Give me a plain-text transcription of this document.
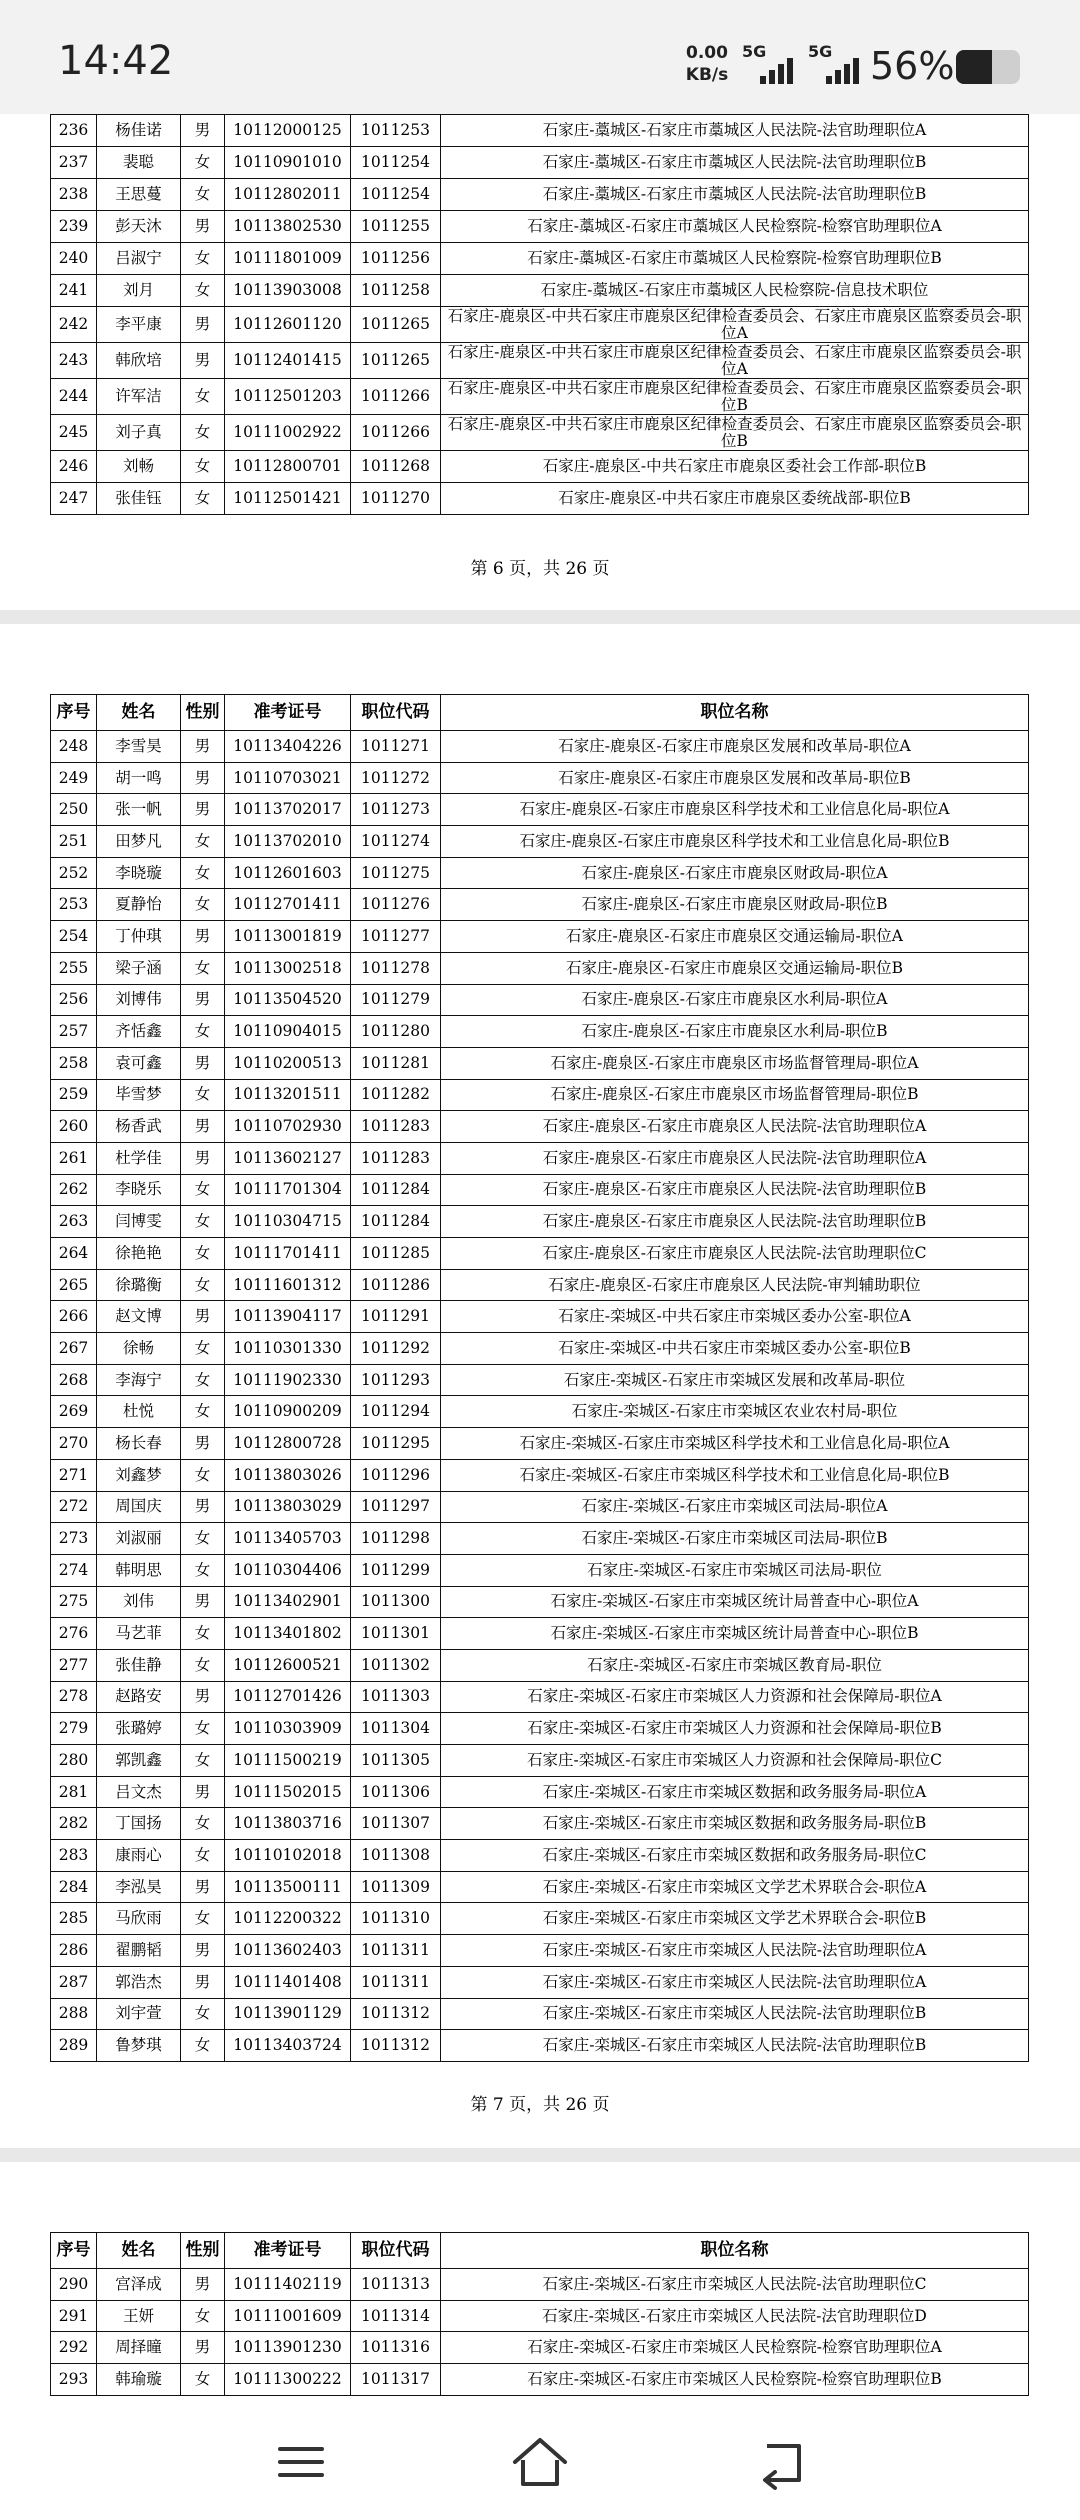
14:42	0.00
KB/s
5G	5G 56%
236	杨佳诺	男	10112000125	1011253	石家庄-藁城区-石家庄市藁城区人民法院-法官助理职位A
237	裴聪	女	10110901010	1011254	石家庄-藁城区-石家庄市藁城区人民法院-法官助理职位B
238	王思蔓	女	10112802011	1011254	石家庄-藁城区-石家庄市藁城区人民法院-法官助理职位B
239	彭天沐	男	10113802530	1011255	石家庄-藁城区-石家庄市藁城区人民检察院-检察官助理职位A
240	吕淑宁	女	10111801009	1011256	石家庄-藁城区-石家庄市藁城区人民检察院-检察官助理职位B
241	刘月	女	10113903008	1011258	石家庄-藁城区-石家庄市藁城区人民检察院-信息技术职位
242	李平康	男	10112601120	1011265	石家庄-鹿泉区-中共石家庄市鹿泉区纪律检查委员会、石家庄市鹿泉区监察委员会-职位A
243	韩欣培	男	10112401415	1011265	石家庄-鹿泉区-中共石家庄市鹿泉区纪律检查委员会、石家庄市鹿泉区监察委员会-职位A
244	许军洁	女	10112501203	1011266	石家庄-鹿泉区-中共石家庄市鹿泉区纪律检查委员会、石家庄市鹿泉区监察委员会-职位B
245	刘子真	女	10111002922	1011266	石家庄-鹿泉区-中共石家庄市鹿泉区纪律检查委员会、石家庄市鹿泉区监察委员会-职位B
246	刘畅	女	10112800701	1011268	石家庄-鹿泉区-中共石家庄市鹿泉区委社会工作部-职位B
247	张佳钰	女	10112501421	1011270	石家庄-鹿泉区-中共石家庄市鹿泉区委统战部-职位B
第 6 页，共 26 页
序号	姓名	性别	准考证号	职位代码	职位名称
248	李雪昊	男	10113404226	1011271	石家庄-鹿泉区-石家庄市鹿泉区发展和改革局-职位A
249	胡一鸣	男	10110703021	1011272	石家庄-鹿泉区-石家庄市鹿泉区发展和改革局-职位B
250	张一帆	男	10113702017	1011273	石家庄-鹿泉区-石家庄市鹿泉区科学技术和工业信息化局-职位A
251	田梦凡	女	10113702010	1011274	石家庄-鹿泉区-石家庄市鹿泉区科学技术和工业信息化局-职位B
252	李晓璇	女	10112601603	1011275	石家庄-鹿泉区-石家庄市鹿泉区财政局-职位A
253	夏静怡	女	10112701411	1011276	石家庄-鹿泉区-石家庄市鹿泉区财政局-职位B
254	丁仲琪	男	10113001819	1011277	石家庄-鹿泉区-石家庄市鹿泉区交通运输局-职位A
255	梁子涵	女	10113002518	1011278	石家庄-鹿泉区-石家庄市鹿泉区交通运输局-职位B
256	刘博伟	男	10113504520	1011279	石家庄-鹿泉区-石家庄市鹿泉区水利局-职位A
257	齐恬鑫	女	10110904015	1011280	石家庄-鹿泉区-石家庄市鹿泉区水利局-职位B
258	袁可鑫	男	10110200513	1011281	石家庄-鹿泉区-石家庄市鹿泉区市场监督管理局-职位A
259	毕雪梦	女	10113201511	1011282	石家庄-鹿泉区-石家庄市鹿泉区市场监督管理局-职位B
260	杨香武	男	10110702930	1011283	石家庄-鹿泉区-石家庄市鹿泉区人民法院-法官助理职位A
261	杜学佳	男	10113602127	1011283	石家庄-鹿泉区-石家庄市鹿泉区人民法院-法官助理职位A
262	李晓乐	女	10111701304	1011284	石家庄-鹿泉区-石家庄市鹿泉区人民法院-法官助理职位B
263	闫博雯	女	10110304715	1011284	石家庄-鹿泉区-石家庄市鹿泉区人民法院-法官助理职位B
264	徐艳艳	女	10111701411	1011285	石家庄-鹿泉区-石家庄市鹿泉区人民法院-法官助理职位C
265	徐璐衡	女	10111601312	1011286	石家庄-鹿泉区-石家庄市鹿泉区人民法院-审判辅助职位
266	赵文博	男	10113904117	1011291	石家庄-栾城区-中共石家庄市栾城区委办公室-职位A
267	徐畅	女	10110301330	1011292	石家庄-栾城区-中共石家庄市栾城区委办公室-职位B
268	李海宁	女	10111902330	1011293	石家庄-栾城区-石家庄市栾城区发展和改革局-职位
269	杜悦	女	10110900209	1011294	石家庄-栾城区-石家庄市栾城区农业农村局-职位
270	杨长春	男	10112800728	1011295	石家庄-栾城区-石家庄市栾城区科学技术和工业信息化局-职位A
271	刘鑫梦	女	10113803026	1011296	石家庄-栾城区-石家庄市栾城区科学技术和工业信息化局-职位B
272	周国庆	男	10113803029	1011297	石家庄-栾城区-石家庄市栾城区司法局-职位A
273	刘淑丽	女	10113405703	1011298	石家庄-栾城区-石家庄市栾城区司法局-职位B
274	韩明思	女	10110304406	1011299	石家庄-栾城区-石家庄市栾城区司法局-职位
275	刘伟	男	10113402901	1011300	石家庄-栾城区-石家庄市栾城区统计局普查中心-职位A
276	马艺菲	女	10113401802	1011301	石家庄-栾城区-石家庄市栾城区统计局普查中心-职位B
277	张佳静	女	10112600521	1011302	石家庄-栾城区-石家庄市栾城区教育局-职位
278	赵路安	男	10112701426	1011303	石家庄-栾城区-石家庄市栾城区人力资源和社会保障局-职位A
279	张璐婷	女	10110303909	1011304	石家庄-栾城区-石家庄市栾城区人力资源和社会保障局-职位B
280	郭凯鑫	女	10111500219	1011305	石家庄-栾城区-石家庄市栾城区人力资源和社会保障局-职位C
281	吕文杰	男	10111502015	1011306	石家庄-栾城区-石家庄市栾城区数据和政务服务局-职位A
282	丁国扬	女	10113803716	1011307	石家庄-栾城区-石家庄市栾城区数据和政务服务局-职位B
283	康雨心	女	10110102018	1011308	石家庄-栾城区-石家庄市栾城区数据和政务服务局-职位C
284	李泓昊	男	10113500111	1011309	石家庄-栾城区-石家庄市栾城区文学艺术界联合会-职位A
285	马欣雨	女	10112200322	1011310	石家庄-栾城区-石家庄市栾城区文学艺术界联合会-职位B
286	翟鹏韬	男	10113602403	1011311	石家庄-栾城区-石家庄市栾城区人民法院-法官助理职位A
287	郭浩杰	男	10111401408	1011311	石家庄-栾城区-石家庄市栾城区人民法院-法官助理职位A
288	刘宇萱	女	10113901129	1011312	石家庄-栾城区-石家庄市栾城区人民法院-法官助理职位B
289	鲁梦琪	女	10113403724	1011312	石家庄-栾城区-石家庄市栾城区人民法院-法官助理职位B
第 7 页，共 26 页
序号	姓名	性别	准考证号	职位代码	职位名称
290	宫泽成	男	10111402119	1011313	石家庄-栾城区-石家庄市栾城区人民法院-法官助理职位C
291	王妍	女	10111001609	1011314	石家庄-栾城区-石家庄市栾城区人民法院-法官助理职位D
292	周择曈	男	10113901230	1011316	石家庄-栾城区-石家庄市栾城区人民检察院-检察官助理职位A
293	韩瑜璇	女	10111300222	1011317	石家庄-栾城区-石家庄市栾城区人民检察院-检察官助理职位B
